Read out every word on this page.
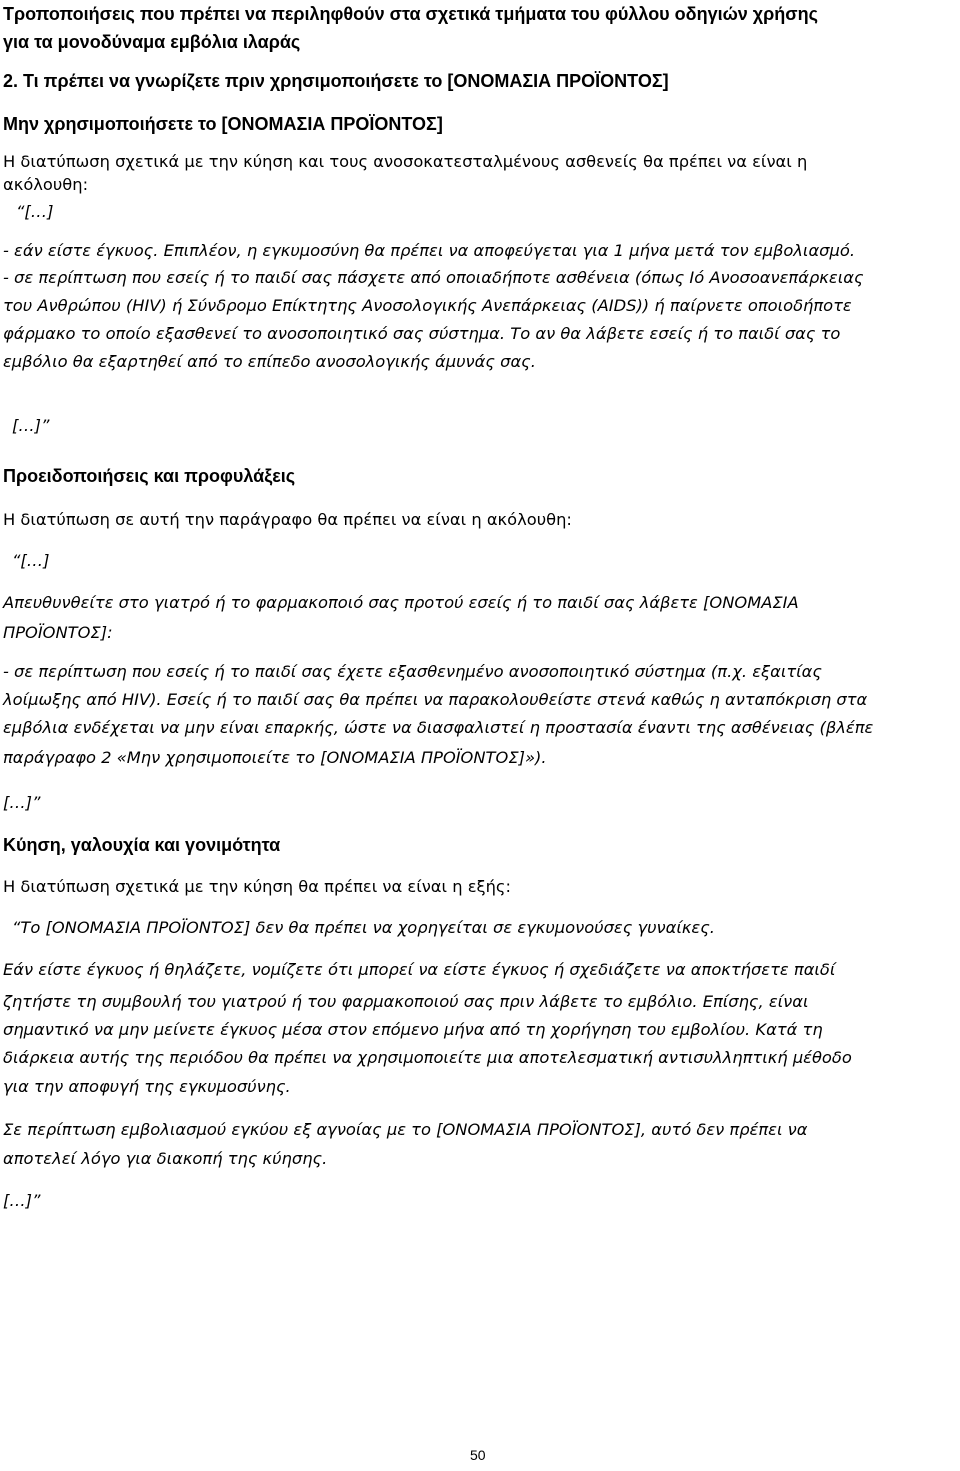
Τροποποιήσεις που πρέπει να περιληφθούν στα σχετικά τμήματα του φύλλου οδηγιών χρήσης
για τα μονοδύναμα εμβόλια ιλαράς
2. Τι πρέπει να γνωρίζετε πριν χρησιμοποιήσετε το [ΟΝΟΜΑΣΙΑ ΠΡΟΪΟΝΤΟΣ]
Μην χρησιμοποιήσετε το [ΟΝΟΜΑΣΙΑ ΠΡΟΪΟΝΤΟΣ]
Η διατύπωση σχετικά με την κύηση και τους ανοσοκατεσταλμένους ασθενείς θα πρέπει να είναι η
ακόλουθη:
“[…]
- εάν είστε έγκυος. Επιπλέον, η εγκυμοσύνη θα πρέπει να αποφεύγεται για 1 μήνα μετά τον εμβολιασμό.
- σε περίπτωση που εσείς ή το παιδί σας πάσχετε από οποιαδήποτε ασθένεια (όπως Ιό Ανοσοανεπάρκειας
του Ανθρώπου (HIV) ή Σύνδρομο Επίκτητης Ανοσολογικής Ανεπάρκειας (AIDS)) ή παίρνετε οποιοδήποτε
φάρμακο το οποίο εξασθενεί το ανοσοποιητικό σας σύστημα. Το αν θα λάβετε εσείς ή το παιδί σας το
εμβόλιο θα εξαρτηθεί από το επίπεδο ανοσολογικής άμυνάς σας.
[…]”
Προειδοποιήσεις και προφυλάξεις
Η διατύπωση σε αυτή την παράγραφο θα πρέπει να είναι η ακόλουθη:
“[…]
Απευθυνθείτε στο γιατρό ή το φαρμακοποιό σας προτού εσείς ή το παιδί σας λάβετε [ΟΝΟΜΑΣΙΑ
ΠΡΟΪΟΝΤΟΣ]:
- σε περίπτωση που εσείς ή το παιδί σας έχετε εξασθενημένο ανοσοποιητικό σύστημα (π.χ. εξαιτίας
λοίμωξης από HIV). Εσείς ή το παιδί σας θα πρέπει να παρακολουθείστε στενά καθώς η ανταπόκριση στα
εμβόλια ενδέχεται να μην είναι επαρκής, ώστε να διασφαλιστεί η προστασία έναντι της ασθένειας (βλέπε
παράγραφο 2 «Μην χρησιμοποιείτε το [ΟΝΟΜΑΣΙΑ ΠΡΟΪΟΝΤΟΣ]»).
[…]”
Κύηση, γαλουχία και γονιμότητα
Η διατύπωση σχετικά με την κύηση θα πρέπει να είναι η εξής:
“Το [ΟΝΟΜΑΣΙΑ ΠΡΟΪΟΝΤΟΣ] δεν θα πρέπει να χορηγείται σε εγκυμονούσες γυναίκες.
Εάν είστε έγκυος ή θηλάζετε, νομίζετε ότι μπορεί να είστε έγκυος ή σχεδιάζετε να αποκτήσετε παιδί
ζητήστε τη συμβουλή του γιατρού ή του φαρμακοποιού σας πριν λάβετε το εμβόλιο. Επίσης, είναι
σημαντικό να μην μείνετε έγκυος μέσα στον επόμενο μήνα από τη χορήγηση του εμβολίου. Κατά τη
διάρκεια αυτής της περιόδου θα πρέπει να χρησιμοποιείτε μια αποτελεσματική αντισυλληπτική μέθοδο
για την αποφυγή της εγκυμοσύνης.
Σε περίπτωση εμβολιασμού εγκύου εξ αγνοίας με το [ΟΝΟΜΑΣΙΑ ΠΡΟΪΟΝΤΟΣ], αυτό δεν πρέπει να
αποτελεί λόγο για διακοπή της κύησης.
[…]”
50
